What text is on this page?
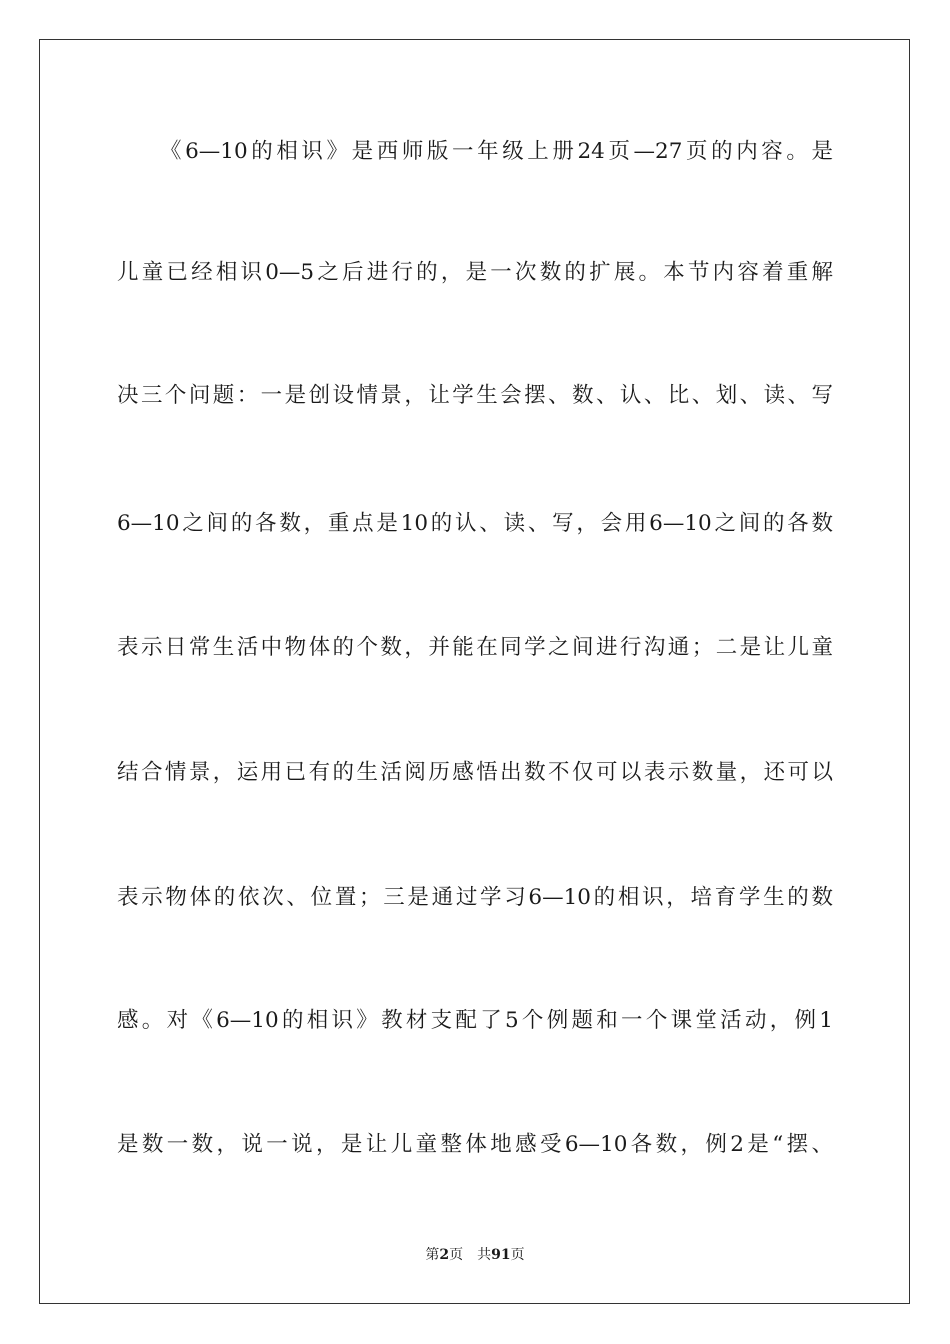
《6—10的相识》是西师版一年级上册24页—27页的内容。是
儿童已经相识0—5之后进行的，是一次数的扩展。本节内容着重解
决三个问题：一是创设情景，让学生会摆、数、认、比、划、读、写
6—10之间的各数，重点是10的认、读、写，会用6—10之间的各数
表示日常生活中物体的个数，并能在同学之间进行沟通；二是让儿童
结合情景，运用已有的生活阅历感悟出数不仅可以表示数量，还可以
表示物体的依次、位置；三是通过学习6—10的相识，培育学生的数
感。对《6—10的相识》教材支配了5个例题和一个课堂活动，例1
是数一数，说一说，是让儿童整体地感受6—10各数，例2是“摆、
第2页 共91页
